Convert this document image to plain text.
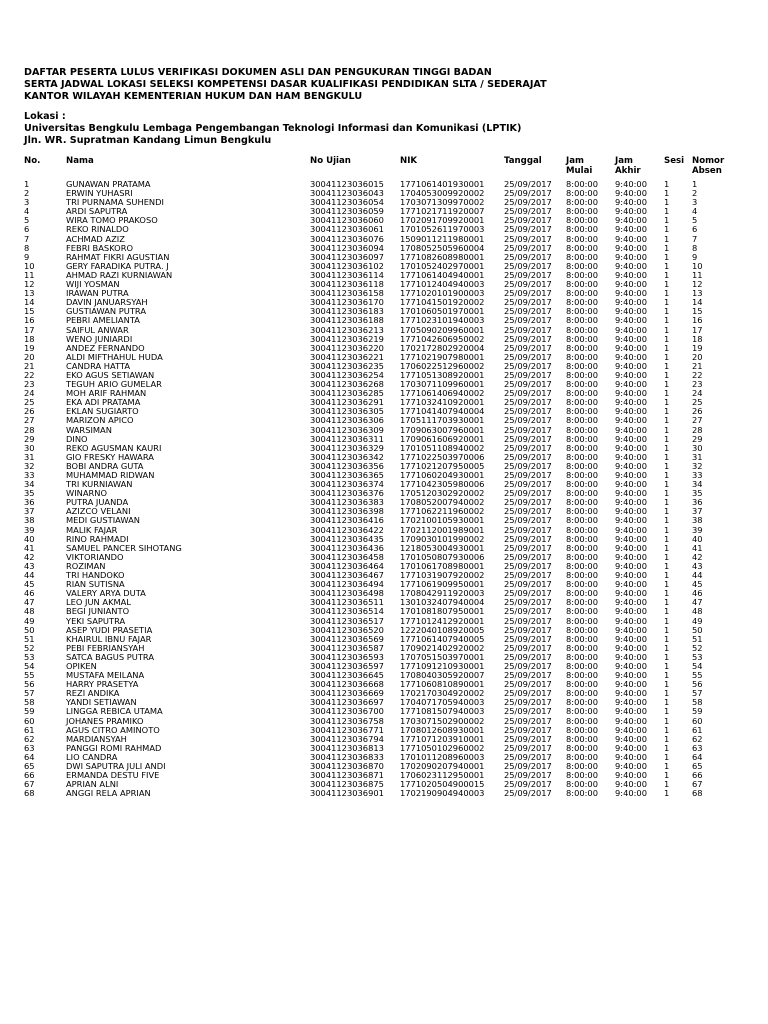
DAFTAR PESERTA LULUS VERIFIKASI DOKUMEN ASLI DAN PENGUKURAN TINGGI BADAN
SERTA JADWAL LOKASI SELEKSI KOMPETENSI DASAR KUALIFIKASI PENDIDIKAN SLTA / SEDERAJAT
KANTOR WILAYAH KEMENTERIAN HUKUM DAN HAM BENGKULU
Lokasi :
Universitas Bengkulu Lembaga Pengembangan Teknologi Informasi dan Komunikasi (LPTIK)
Jln. WR. Supratman Kandang Limun Bengkulu
No.	Nama	No Ujian	NIK	Tanggal	Jam Mulai	Jam Akhir	Sesi	Nomor Absen
1	GUNAWAN PRATAMA	30041123036015	1771061401930001	25/09/2017	8:00:00	9:40:00	1	1
2	ERWIN YUHASRI	30041123036043	1704053009920002	25/09/2017	8:00:00	9:40:00	1	2
3	TRI PURNAMA SUHENDI	30041123036054	1703071309970002	25/09/2017	8:00:00	9:40:00	1	3
4	ARDI SAPUTRA	30041123036059	1771021711920007	25/09/2017	8:00:00	9:40:00	1	4
5	WIRA TOMO PRAKOSO	30041123036060	1702091709920001	25/09/2017	8:00:00	9:40:00	1	5
6	REKO RINALDO	30041123036061	1701052611970003	25/09/2017	8:00:00	9:40:00	1	6
7	ACHMAD AZIZ	30041123036076	1509011211980001	25/09/2017	8:00:00	9:40:00	1	7
8	FEBRI BASKORO	30041123036094	1708052505960004	25/09/2017	8:00:00	9:40:00	1	8
9	RAHMAT FIKRI AGUSTIAN	30041123036097	1771082608980001	25/09/2017	8:00:00	9:40:00	1	9
10	GERY FARADIKA PUTRA. J	30041123036102	1701052402970001	25/09/2017	8:00:00	9:40:00	1	10
11	AHMAD RAZI KURNIAWAN	30041123036114	1771061404940001	25/09/2017	8:00:00	9:40:00	1	11
12	WIJI YOSMAN	30041123036118	1771012404940003	25/09/2017	8:00:00	9:40:00	1	12
13	IRAWAN PUTRA	30041123036158	1771020101900003	25/09/2017	8:00:00	9:40:00	1	13
14	DAVIN JANUARSYAH	30041123036170	1771041501920002	25/09/2017	8:00:00	9:40:00	1	14
15	GUSTIAWAN PUTRA	30041123036183	1701060501970001	25/09/2017	8:00:00	9:40:00	1	15
16	PEBRI AMELIANTA	30041123036188	1771023101940003	25/09/2017	8:00:00	9:40:00	1	16
17	SAIFUL ANWAR	30041123036213	1705090209960001	25/09/2017	8:00:00	9:40:00	1	17
18	WENO JUNIARDI	30041123036219	1771042606950002	25/09/2017	8:00:00	9:40:00	1	18
19	ANDEZ FERNANDO	30041123036220	1702172802920004	25/09/2017	8:00:00	9:40:00	1	19
20	ALDI MIFTHAHUL HUDA	30041123036221	1771021907980001	25/09/2017	8:00:00	9:40:00	1	20
21	CANDRA HATTA	30041123036235	1706022512960002	25/09/2017	8:00:00	9:40:00	1	21
22	EKO AGUS SETIAWAN	30041123036254	1771051308920001	25/09/2017	8:00:00	9:40:00	1	22
23	TEGUH ARIO GUMELAR	30041123036268	1703071109960001	25/09/2017	8:00:00	9:40:00	1	23
24	MOH ARIF RAHMAN	30041123036285	1771061406940002	25/09/2017	8:00:00	9:40:00	1	24
25	EKA ADI PRATAMA	30041123036291	1771032410920001	25/09/2017	8:00:00	9:40:00	1	25
26	EKLAN SUGIARTO	30041123036305	1771041407940004	25/09/2017	8:00:00	9:40:00	1	26
27	MARIZON APICO	30041123036306	1705111703930001	25/09/2017	8:00:00	9:40:00	1	27
28	WARSIMAN	30041123036309	1709063007960001	25/09/2017	8:00:00	9:40:00	1	28
29	DINO	30041123036311	1709061606920001	25/09/2017	8:00:00	9:40:00	1	29
30	REKO AGUSMAN KAURI	30041123036329	1701051108940002	25/09/2017	8:00:00	9:40:00	1	30
31	GIO FRESKY HAWARA	30041123036342	1771022503970006	25/09/2017	8:00:00	9:40:00	1	31
32	BOBI ANDRA GUTA	30041123036356	1771021207950005	25/09/2017	8:00:00	9:40:00	1	32
33	MUHAMMAD RIDWAN	30041123036365	1771060204930001	25/09/2017	8:00:00	9:40:00	1	33
34	TRI KURNIAWAN	30041123036374	1771042305980006	25/09/2017	8:00:00	9:40:00	1	34
35	WINARNO	30041123036376	1705120302920002	25/09/2017	8:00:00	9:40:00	1	35
36	PUTRA JUANDA	30041123036383	1708052007940002	25/09/2017	8:00:00	9:40:00	1	36
37	AZIZCO VELANI	30041123036398	1771062211960002	25/09/2017	8:00:00	9:40:00	1	37
38	MEDI GUSTIAWAN	30041123036416	1702100105930001	25/09/2017	8:00:00	9:40:00	1	38
39	MALIK FAJAR	30041123036422	1702112001989001	25/09/2017	8:00:00	9:40:00	1	39
40	RINO RAHMADI	30041123036435	1709030101990002	25/09/2017	8:00:00	9:40:00	1	40
41	SAMUEL PANCER SIHOTANG	30041123036436	1218053004930001	25/09/2017	8:00:00	9:40:00	1	41
42	VIKTORIANDO	30041123036458	1701050807930006	25/09/2017	8:00:00	9:40:00	1	42
43	ROZIMAN	30041123036464	1701061708980001	25/09/2017	8:00:00	9:40:00	1	43
44	TRI HANDOKO	30041123036467	1771031907920002	25/09/2017	8:00:00	9:40:00	1	44
45	RIAN SUTISNA	30041123036494	1771061909950001	25/09/2017	8:00:00	9:40:00	1	45
46	VALERY ARYA DUTA	30041123036498	1708042911920003	25/09/2017	8:00:00	9:40:00	1	46
47	LEO JUN AKMAL	30041123036511	1301032407940004	25/09/2017	8:00:00	9:40:00	1	47
48	BEGI JUNIANTO	30041123036514	1701081807950001	25/09/2017	8:00:00	9:40:00	1	48
49	YEKI SAPUTRA	30041123036517	1771012412920001	25/09/2017	8:00:00	9:40:00	1	49
50	ASEP YUDI PRASETIA	30041123036520	1222040108920005	25/09/2017	8:00:00	9:40:00	1	50
51	KHAIRUL IBNU FAJAR	30041123036569	1771061407940005	25/09/2017	8:00:00	9:40:00	1	51
52	PEBI FEBRIANSYAH	30041123036587	1709021402920002	25/09/2017	8:00:00	9:40:00	1	52
53	SATCA BAGUS PUTRA	30041123036593	1707051503970001	25/09/2017	8:00:00	9:40:00	1	53
54	OPIKEN	30041123036597	1771091210930001	25/09/2017	8:00:00	9:40:00	1	54
55	MUSTAFA MEILANA	30041123036645	1708040305920007	25/09/2017	8:00:00	9:40:00	1	55
56	HARRY PRASETYA	30041123036668	1771060810890001	25/09/2017	8:00:00	9:40:00	1	56
57	REZI ANDIKA	30041123036669	1702170304920002	25/09/2017	8:00:00	9:40:00	1	57
58	YANDI SETIAWAN	30041123036697	1704071705940003	25/09/2017	8:00:00	9:40:00	1	58
59	LINGGA REBICA UTAMA	30041123036700	1771081507940003	25/09/2017	8:00:00	9:40:00	1	59
60	JOHANES PRAMIKO	30041123036758	1703071502900002	25/09/2017	8:00:00	9:40:00	1	60
61	AGUS CITRO AMINOTO	30041123036771	1708012608930001	25/09/2017	8:00:00	9:40:00	1	61
62	MARDIANSYAH	30041123036794	1771071203910001	25/09/2017	8:00:00	9:40:00	1	62
63	PANGGI ROMI RAHMAD	30041123036813	1771050102960002	25/09/2017	8:00:00	9:40:00	1	63
64	LIO CANDRA	30041123036833	1701011208960003	25/09/2017	8:00:00	9:40:00	1	64
65	DWI SAPUTRA JULI ANDI	30041123036870	1702090207940001	25/09/2017	8:00:00	9:40:00	1	65
66	ERMANDA DESTU FIVE	30041123036871	1706023112950001	25/09/2017	8:00:00	9:40:00	1	66
67	APRIAN ALNI	30041123036875	1771020504900015	25/09/2017	8:00:00	9:40:00	1	67
68	ANGGI RELA APRIAN	30041123036901	1702190904940003	25/09/2017	8:00:00	9:40:00	1	68
